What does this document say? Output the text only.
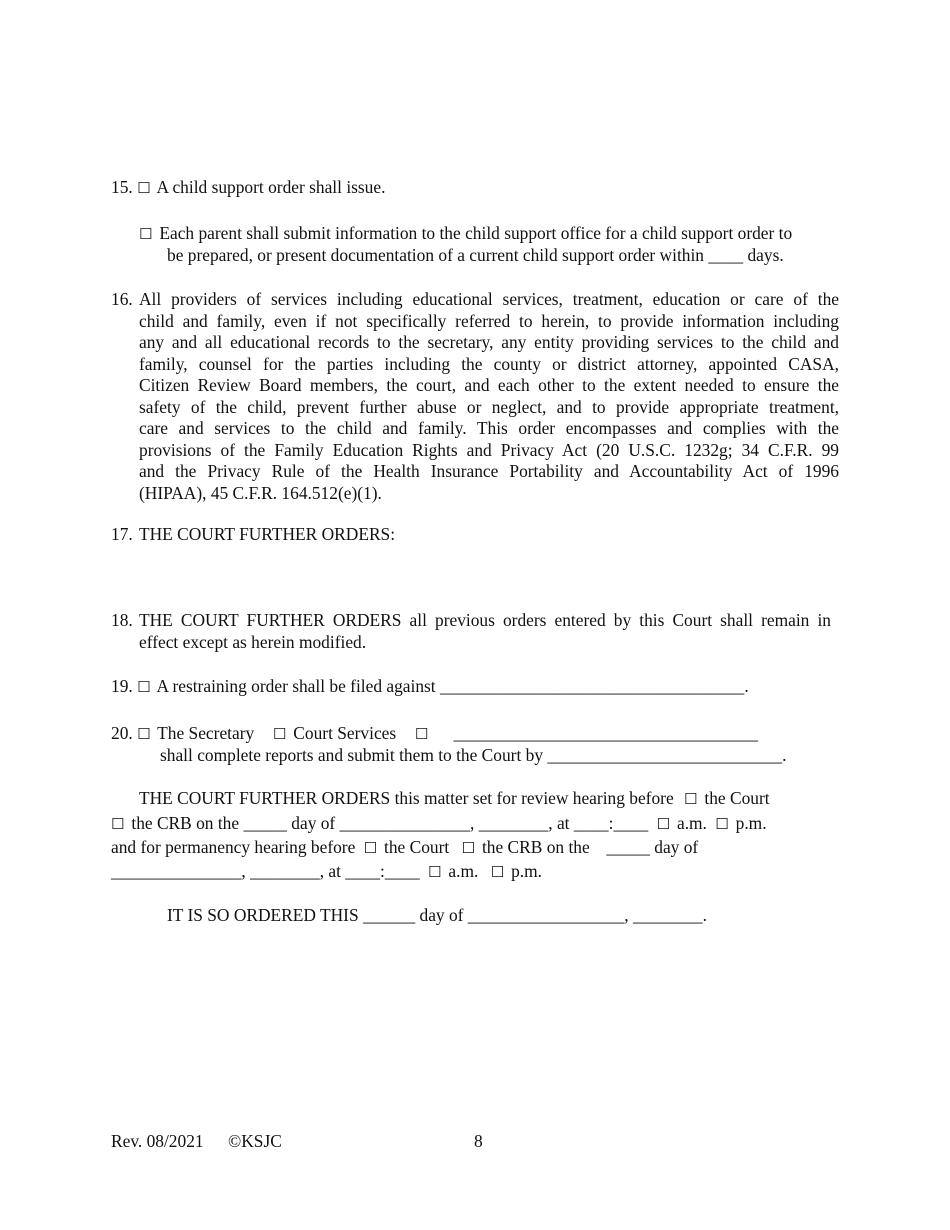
15. ☐ A child support order shall issue.
☐ Each parent shall submit information to the child support office for a child support order to
be prepared, or present documentation of a current child support order within ____ days.
16. All providers of services including educational services, treatment, education or care of the
child and family, even if not specifically referred to herein, to provide information including
any and all educational records to the secretary, any entity providing services to the child and
family, counsel for the parties including the county or district attorney, appointed CASA,
Citizen Review Board members, the court, and each other to the extent needed to ensure the
safety of the child, prevent further abuse or neglect, and to provide appropriate treatment,
care and services to the child and family. This order encompasses and complies with the
provisions of the Family Education Rights and Privacy Act (20 U.S.C. 1232g; 34 C.F.R. 99
and the Privacy Rule of the Health Insurance Portability and Accountability Act of 1996
(HIPAA), 45 C.F.R. 164.512(e)(1).
17. THE COURT FURTHER ORDERS:
18. THE COURT FURTHER ORDERS all previous orders entered by this Court shall remain in
effect except as herein modified.
19. ☐ A restraining order shall be filed against ___________________________________.
20. ☐ The Secretary ☐ Court Services ☐ ___________________________________
shall complete reports and submit them to the Court by ___________________________.
THE COURT FURTHER ORDERS this matter set for review hearing before ☐ the Court
☐ the CRB on the _____ day of _______________, ________, at ____:____ ☐ a.m. ☐ p.m.
and for permanency hearing before ☐ the Court ☐ the CRB on the _____ day of
_______________, ________, at ____:____ ☐ a.m. ☐ p.m.
IT IS SO ORDERED THIS ______ day of __________________, ________.
Rev. 08/2021 ©KSJC	8
